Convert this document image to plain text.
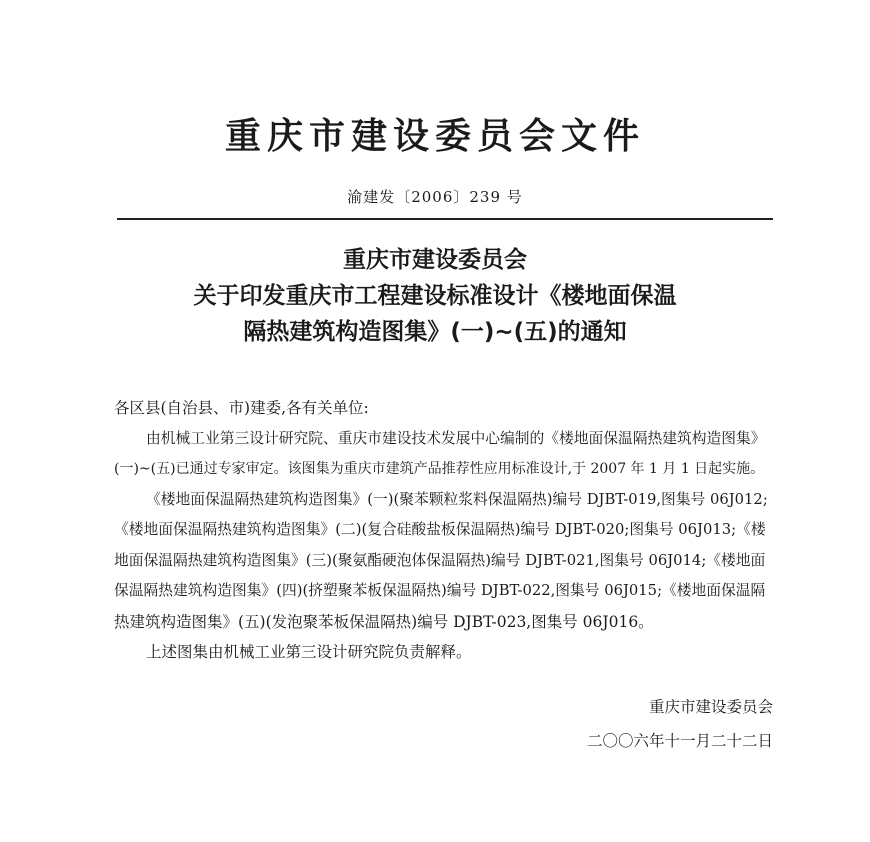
重庆市建设委员会文件
渝建发〔2006〕239 号
重庆市建设委员会
关于印发重庆市工程建设标准设计《楼地面保温
隔热建筑构造图集》(一)~(五)的通知
各区县(自治县、市)建委,各有关单位:
由机械工业第三设计研究院、重庆市建设技术发展中心编制的《楼地面保温隔热建筑构造图集》
(一)~(五)已通过专家审定。该图集为重庆市建筑产品推荐性应用标准设计,于 2007 年 1 月 1 日起实施。
《楼地面保温隔热建筑构造图集》(一)(聚苯颗粒浆料保温隔热)编号 DJBT-019,图集号 06J012;
《楼地面保温隔热建筑构造图集》(二)(复合硅酸盐板保温隔热)编号 DJBT-020;图集号 06J013;《楼
地面保温隔热建筑构造图集》(三)(聚氨酯硬泡体保温隔热)编号 DJBT-021,图集号 06J014;《楼地面
保温隔热建筑构造图集》(四)(挤塑聚苯板保温隔热)编号 DJBT-022,图集号 06J015;《楼地面保温隔
热建筑构造图集》(五)(发泡聚苯板保温隔热)编号 DJBT-023,图集号 06J016。
上述图集由机械工业第三设计研究院负责解释。
重庆市建设委员会
二〇〇六年十一月二十二日
